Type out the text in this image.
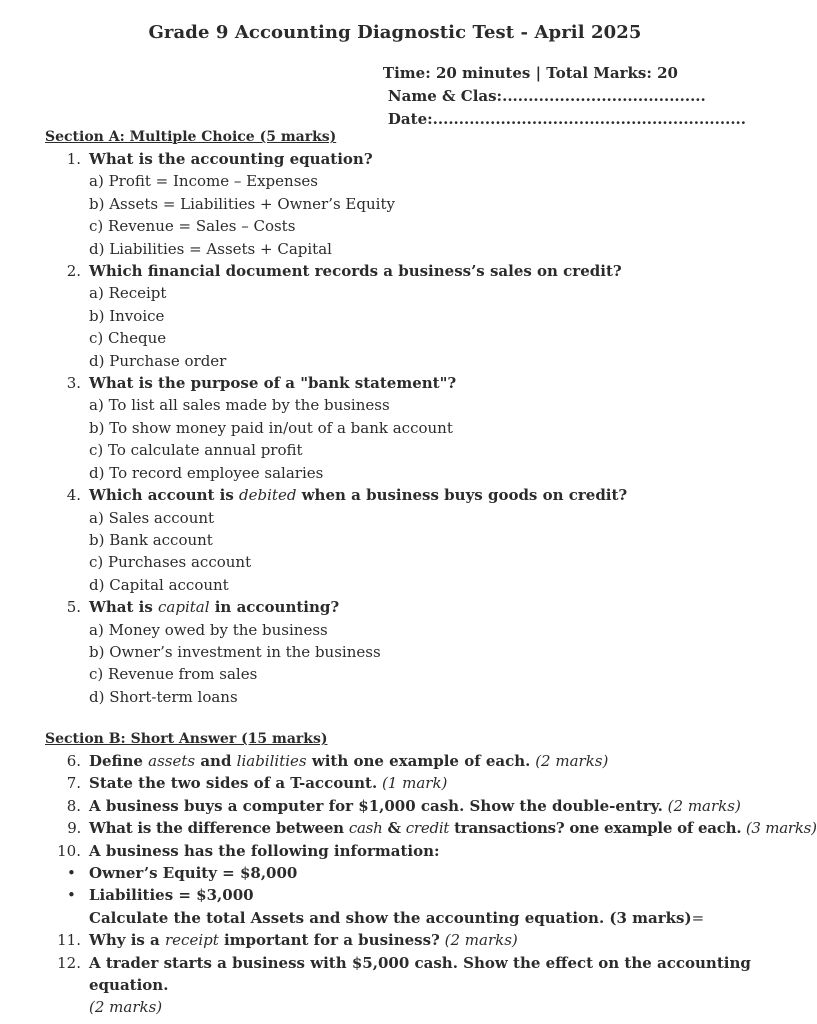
Grade 9 Accounting Diagnostic Test - April 2025
Time: 20 minutes | Total Marks: 20
Name & Clas:.......................................
Date:............................................................
Section A: Multiple Choice (5 marks)
1. What is the accounting equation?
a) Profit = Income – Expenses
b) Assets = Liabilities + Owner’s Equity
c) Revenue = Sales – Costs
d) Liabilities = Assets + Capital
2. Which financial document records a business’s sales on credit?
a) Receipt
b) Invoice
c) Cheque
d) Purchase order
3. What is the purpose of a "bank statement"?
a) To list all sales made by the business
b) To show money paid in/out of a bank account
c) To calculate annual profit
d) To record employee salaries
4. Which account is debited when a business buys goods on credit?
a) Sales account
b) Bank account
c) Purchases account
d) Capital account
5. What is capital in accounting?
a) Money owed by the business
b) Owner’s investment in the business
c) Revenue from sales
d) Short-term loans
Section B: Short Answer (15 marks)
6. Define assets and liabilities with one example of each. (2 marks)
7. State the two sides of a T-account. (1 mark)
8. A business buys a computer for $1,000 cash. Show the double-entry. (2 marks)
9. What is the difference between cash & credit transactions? one example of each. (3 marks)
10. A business has the following information:
• Owner’s Equity = $8,000
• Liabilities = $3,000
Calculate the total Assets and show the accounting equation. (3 marks)=
11. Why is a receipt important for a business? (2 marks)
12. A trader starts a business with $5,000 cash. Show the effect on the accounting equation.
(2 marks)
